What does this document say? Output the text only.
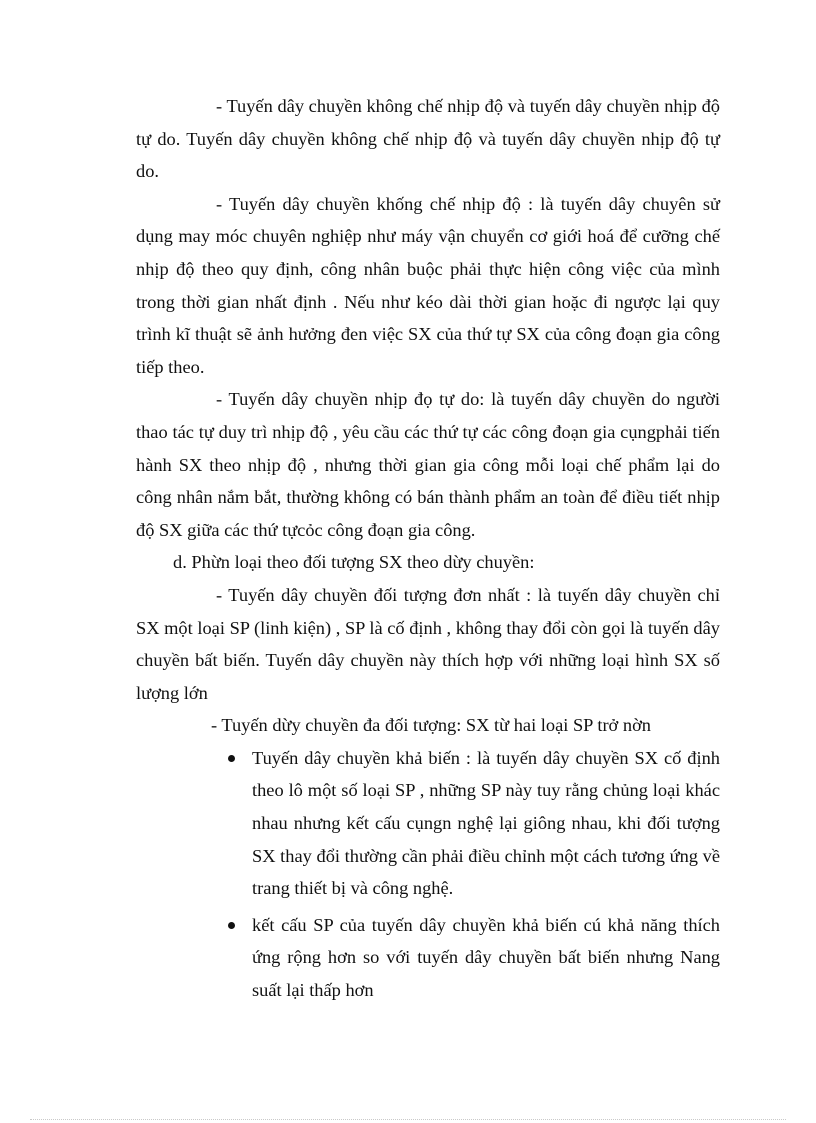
- Tuyến dây chuyền không chế nhịp độ và tuyến dây chuyền nhịp độ tự do. Tuyến dây chuyền không chế nhịp độ và tuyến dây chuyền nhịp độ tự do.

- Tuyến dây chuyền khống chế nhịp độ : là tuyến dây chuyên sử dụng may móc chuyên nghiệp như máy vận chuyển cơ giới hoá để cưỡng chế nhịp độ theo quy định, công nhân buộc phải thực hiện công việc của mình trong thời gian nhất định . Nếu như kéo dài thời gian hoặc đi ngược lại quy trình kĩ thuật sẽ ảnh hưởng đen việc SX của thứ tự SX của công đoạn gia công tiếp theo.

- Tuyến dây chuyền nhịp đọ tự do: là tuyến dây chuyền do người thao tác tự duy trì nhịp độ , yêu cầu các thứ tự các công đoạn gia cụngphải tiến hành SX theo nhịp độ , nhưng thời gian gia công mỗi loại chế phẩm lại do công nhân nắm bắt, thường không có bán thành phẩm an toàn để điều tiết nhịp độ SX giữa các thứ tựcỏc công đoạn gia công.

d. Phừn loại theo đối tượng SX theo dừy chuyền:

- Tuyến dây chuyền đối tượng đơn nhất : là tuyến dây chuyền chỉ SX một loại SP (linh kiện) , SP là cố định , không thay đổi còn gọi là tuyến dây chuyền bất biến. Tuyến dây chuyền này thích hợp với những loại hình SX số lượng lớn

- Tuyến dừy chuyền đa đối tượng: SX từ hai loại SP trở nờn

Tuyến dây chuyền khả biến : là tuyến dây chuyền SX cố định theo lô một số loại SP , những SP này tuy rằng chủng loại khác nhau nhưng kết cấu cụngn nghệ lại giông nhau, khi đối tượng SX thay đổi thường cần phải điều chỉnh một cách tương ứng về trang thiết bị và công nghệ.
kết cấu SP của tuyến dây chuyền khả biến cú khả năng thích ứng rộng hơn so với tuyến dây chuyền bất biến nhưng Nang suất lại thấp hơn
